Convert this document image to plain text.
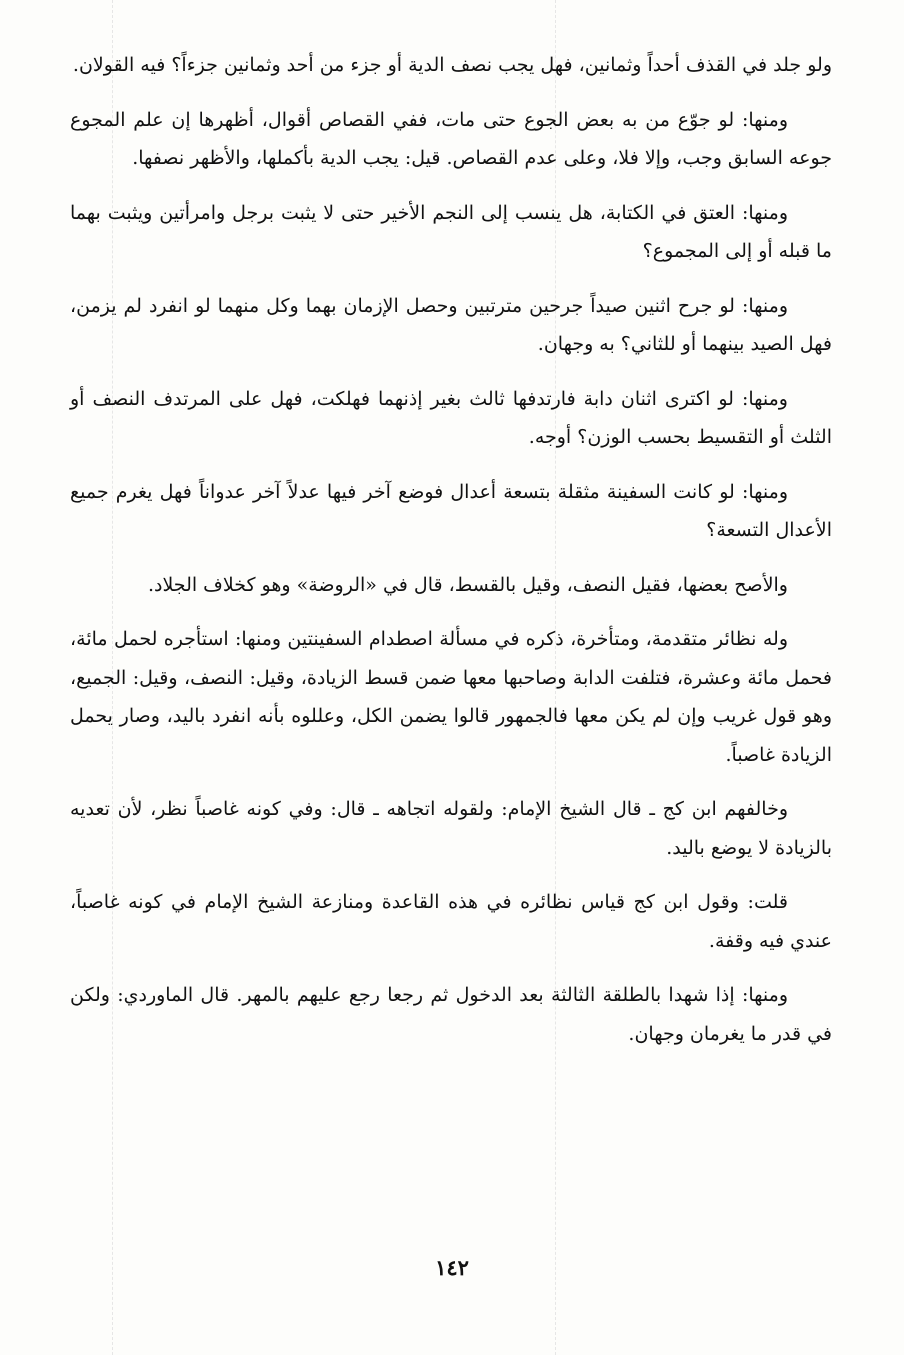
ولو جلد في القذف أحداً وثمانين، فهل يجب نصف الدية أو جزء من أحد وثمانين جزءاً؟ فيه القولان.

ومنها: لو جوّع من به بعض الجوع حتى مات، ففي القصاص أقوال، أظهرها إن علم المجوع جوعه السابق وجب، وإلا فلا، وعلى عدم القصاص. قيل: يجب الدية بأكملها، والأظهر نصفها.

ومنها: العتق في الكتابة، هل ينسب إلى النجم الأخير حتى لا يثبت برجل وامرأتين ويثبت بهما ما قبله أو إلى المجموع؟

ومنها: لو جرح اثنين صيداً جرحين مترتبين وحصل الإزمان بهما وكل منهما لو انفرد لم يزمن، فهل الصيد بينهما أو للثاني؟ به وجهان.

ومنها: لو اكترى اثنان دابة فارتدفها ثالث بغير إذنهما فهلكت، فهل على المرتدف النصف أو الثلث أو التقسيط بحسب الوزن؟ أوجه.

ومنها: لو كانت السفينة مثقلة بتسعة أعدال فوضع آخر فيها عدلاً آخر عدواناً فهل يغرم جميع الأعدال التسعة؟

والأصح بعضها، فقيل النصف، وقيل بالقسط، قال في «الروضة» وهو كخلاف الجلاد.

وله نظائر متقدمة، ومتأخرة، ذكره في مسألة اصطدام السفينتين ومنها: استأجره لحمل مائة، فحمل مائة وعشرة، فتلفت الدابة وصاحبها معها ضمن قسط الزيادة، وقيل: النصف، وقيل: الجميع، وهو قول غريب وإن لم يكن معها فالجمهور قالوا يضمن الكل، وعللوه بأنه انفرد باليد، وصار يحمل الزيادة غاصباً.

وخالفهم ابن كج ـ قال الشيخ الإمام: ولقوله اتجاهه ـ قال: وفي كونه غاصباً نظر، لأن تعديه بالزيادة لا يوضع باليد.

قلت: وقول ابن كج قياس نظائره في هذه القاعدة ومنازعة الشيخ الإمام في كونه غاصباً، عندي فيه وقفة.

ومنها: إذا شهدا بالطلقة الثالثة بعد الدخول ثم رجعا رجع عليهم بالمهر. قال الماوردي: ولكن في قدر ما يغرمان وجهان.

١٤٢
